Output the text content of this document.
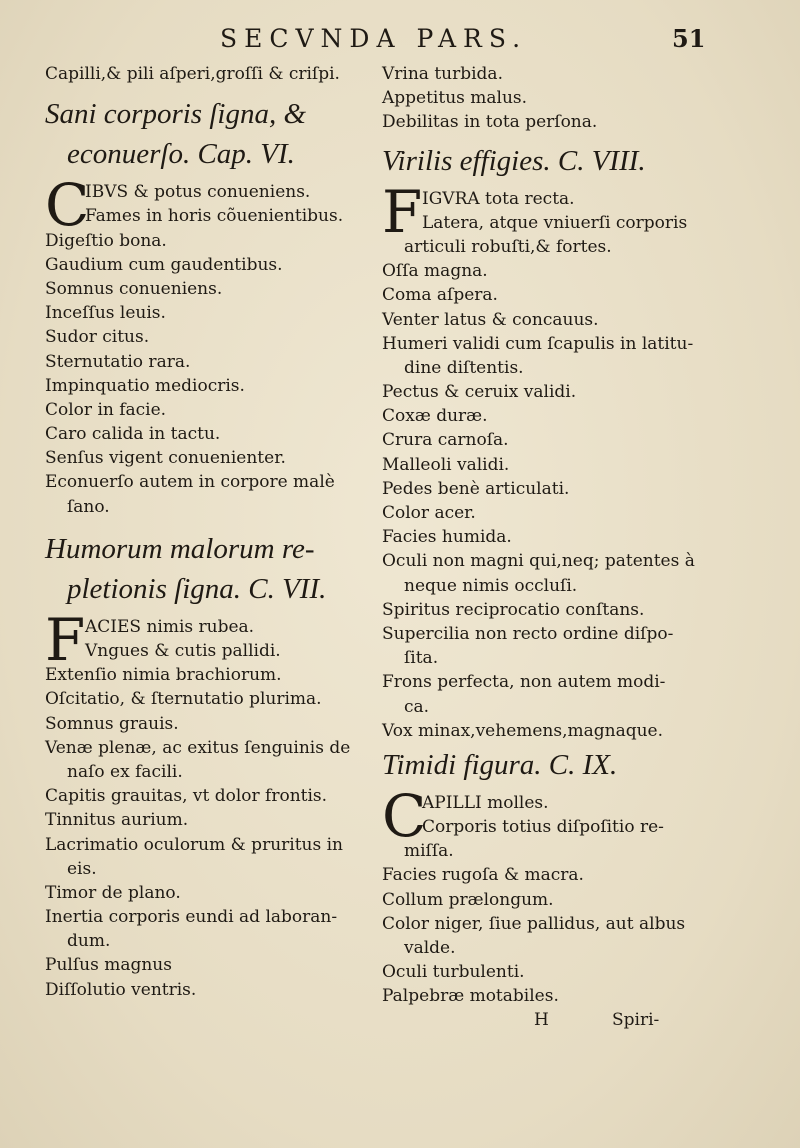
SECVNDA PARS.	51
Capilli,& pili aſperi,groſſi & criſpi.
Sani corporis ſigna, &
econuerſo. Cap. VI.
C
IBVS & potus conueniens.
Fames in horis cõuenientibus.
Digeſtio bona.
Gaudium cum gaudentibus.
Somnus conueniens.
Inceſſus leuis.
Sudor citus.
Sternutatio rara.
Impinquatio mediocris.
Color in facie.
Caro calida in tactu.
Senſus vigent conuenienter.
Econuerſo autem in corpore malè
ſano.
Humorum malorum re-
pletionis ſigna. C. VII.
F ACIES nimis rubea.
Vngues & cutis pallidi.
Extenſio nimia brachiorum.
Oſcitatio, & ſternutatio plurima.
Somnus grauis.
Venæ plenæ, ac exitus ſenguinis de
naſo ex facili.
Capitis grauitas, vt dolor frontis.
Tinnitus aurium.
Lacrimatio oculorum & pruritus in
eis.
Timor de plano.
Inertia corporis eundi ad laboran-
dum.
Pulſus magnus
Diſſolutio ventris.
Vrina turbida.
Appetitus malus.
Debilitas in tota perſona.
Virilis effigies. C. VIII.
F IGVRA tota recta.
Latera, atque vniuerſi corporis
articuli robuſti,& fortes.
Oſſa magna.
Coma aſpera.
Venter latus & concauus.
Humeri validi cum ſcapulis in latitu-
dine diſtentis.
Pectus & ceruix validi.
Coxæ duræ.
Crura carnoſa.
Malleoli validi.
Pedes benè articulati.
Color acer.
Facies humida.
Oculi non magni qui,neq; patentes à
neque nimis occluſi.
Spiritus reciprocatio conſtans.
Supercilia non recto ordine diſpo-
ſita.
Frons perfecta, non autem modi-
ca.
Vox minax,vehemens,magnaque.
Timidi figura. C. IX.
C
APILLI molles.
Corporis totius diſpoſitio re-
miſſa.
Facies rugoſa & macra.
Collum prælongum.
Color niger, ſiue pallidus, aut albus
valde.
Oculi turbulenti.
Palpebræ motabiles.
H	Spiri-
